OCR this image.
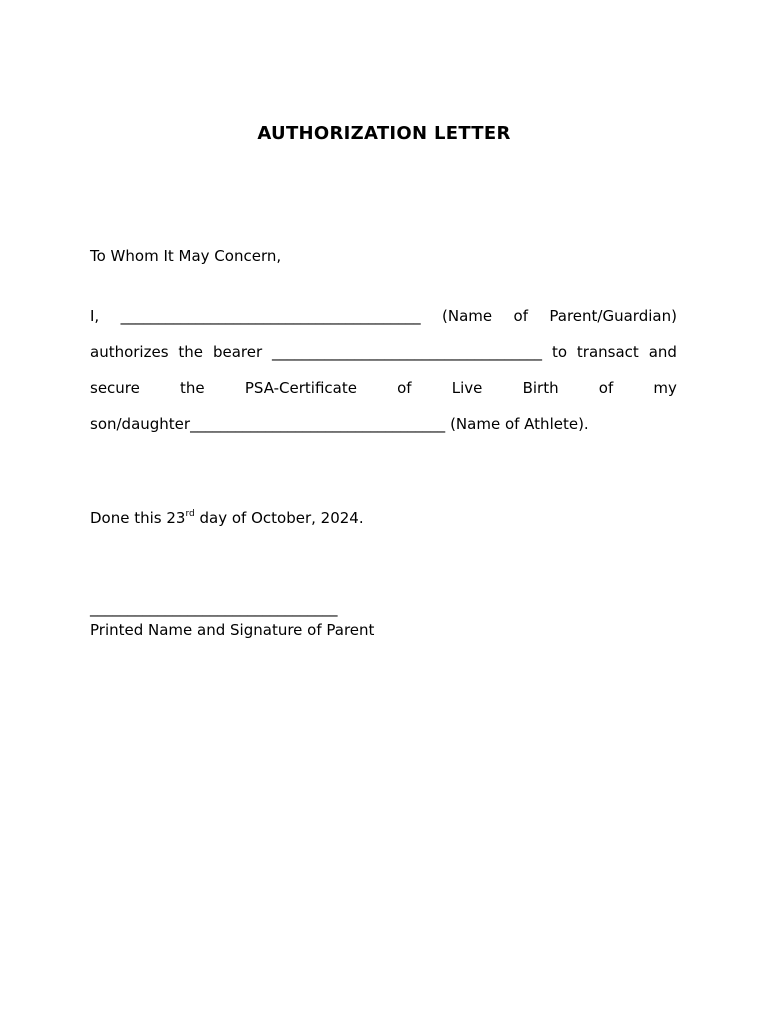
AUTHORIZATION LETTER
To Whom It May Concern,
I, ________________________________________ (Name of Parent/Guardian)
authorizes the bearer ____________________________________ to transact and
secure	the	PSA-Certificate	of	Live	Birth	of	my
son/daughter __________________________________ (Name of Athlete).
Done this 23rd day of October, 2024.
_________________________________
Printed Name and Signature of Parent
